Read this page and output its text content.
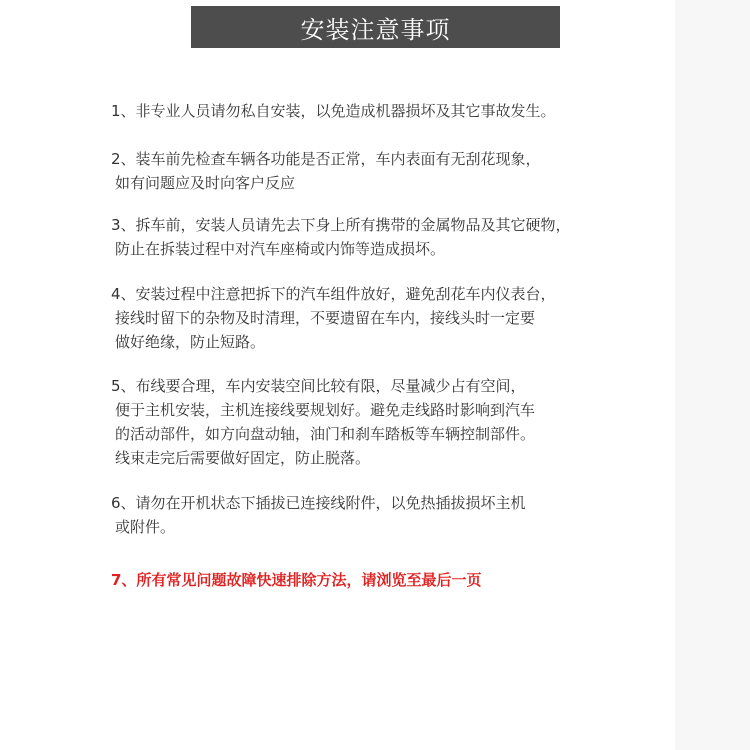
安装注意事项
1、非专业人员请勿私自安装，以免造成机器损坏及其它事故发生。
2、装车前先检查车辆各功能是否正常，车内表面有无刮花现象，
如有问题应及时向客户反应
3、拆车前，安装人员请先去下身上所有携带的金属物品及其它硬物，
防止在拆装过程中对汽车座椅或内饰等造成损坏。
4、安装过程中注意把拆下的汽车组件放好，避免刮花车内仪表台，
接线时留下的杂物及时清理，不要遗留在车内，接线头时一定要
做好绝缘，防止短路。
5、布线要合理，车内安装空间比较有限，尽量减少占有空间，
便于主机安装，主机连接线要规划好。避免走线路时影响到汽车
的活动部件，如方向盘动轴，油门和刹车踏板等车辆控制部件。
线束走完后需要做好固定，防止脱落。
6、请勿在开机状态下插拔已连接线附件，以免热插拔损坏主机
或附件。
7、所有常见问题故障快速排除方法，请浏览至最后一页
